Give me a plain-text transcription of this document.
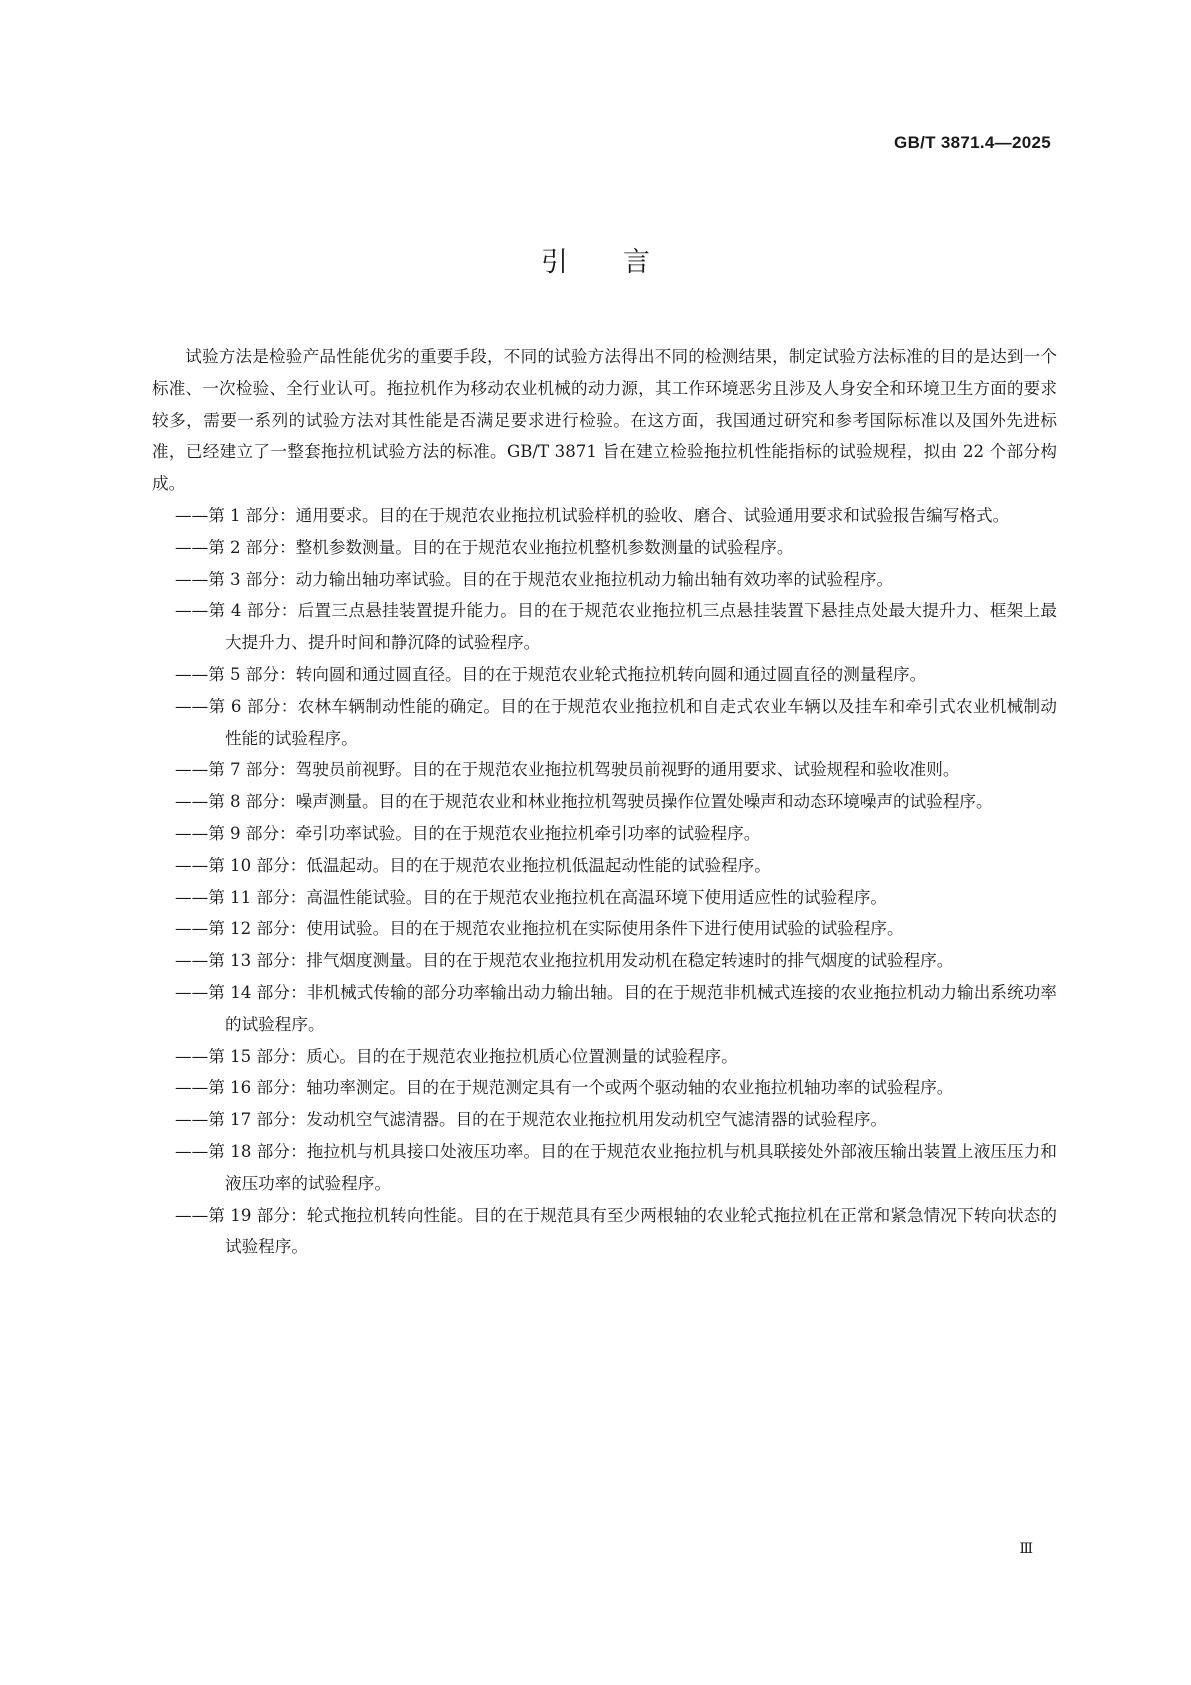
GB/T 3871.4—2025
引言

试验方法是检验产品性能优劣的重要手段，不同的试验方法得出不同的检测结果，制定试验方法标准的目的是达到一个标准、一次检验、全行业认可。拖拉机作为移动农业机械的动力源，其工作环境恶劣且涉及人身安全和环境卫生方面的要求较多，需要一系列的试验方法对其性能是否满足要求进行检验。在这方面，我国通过研究和参考国际标准以及国外先进标准，已经建立了一整套拖拉机试验方法的标准。GB/T 3871 旨在建立检验拖拉机性能指标的试验规程，拟由 22 个部分构成。

——第 1 部分：通用要求。目的在于规范农业拖拉机试验样机的验收、磨合、试验通用要求和试验报告编写格式。

——第 2 部分：整机参数测量。目的在于规范农业拖拉机整机参数测量的试验程序。

——第 3 部分：动力输出轴功率试验。目的在于规范农业拖拉机动力输出轴有效功率的试验程序。

——第 4 部分：后置三点悬挂装置提升能力。目的在于规范农业拖拉机三点悬挂装置下悬挂点处最大提升力、框架上最大提升力、提升时间和静沉降的试验程序。

——第 5 部分：转向圆和通过圆直径。目的在于规范农业轮式拖拉机转向圆和通过圆直径的测量程序。

——第 6 部分：农林车辆制动性能的确定。目的在于规范农业拖拉机和自走式农业车辆以及挂车和牵引式农业机械制动性能的试验程序。

——第 7 部分：驾驶员前视野。目的在于规范农业拖拉机驾驶员前视野的通用要求、试验规程和验收准则。

——第 8 部分：噪声测量。目的在于规范农业和林业拖拉机驾驶员操作位置处噪声和动态环境噪声的试验程序。

——第 9 部分：牵引功率试验。目的在于规范农业拖拉机牵引功率的试验程序。

——第 10 部分：低温起动。目的在于规范农业拖拉机低温起动性能的试验程序。

——第 11 部分：高温性能试验。目的在于规范农业拖拉机在高温环境下使用适应性的试验程序。

——第 12 部分：使用试验。目的在于规范农业拖拉机在实际使用条件下进行使用试验的试验程序。

——第 13 部分：排气烟度测量。目的在于规范农业拖拉机用发动机在稳定转速时的排气烟度的试验程序。

——第 14 部分：非机械式传输的部分功率输出动力输出轴。目的在于规范非机械式连接的农业拖拉机动力输出系统功率的试验程序。

——第 15 部分：质心。目的在于规范农业拖拉机质心位置测量的试验程序。

——第 16 部分：轴功率测定。目的在于规范测定具有一个或两个驱动轴的农业拖拉机轴功率的试验程序。

——第 17 部分：发动机空气滤清器。目的在于规范农业拖拉机用发动机空气滤清器的试验程序。

——第 18 部分：拖拉机与机具接口处液压功率。目的在于规范农业拖拉机与机具联接处外部液压输出装置上液压压力和液压功率的试验程序。

——第 19 部分：轮式拖拉机转向性能。目的在于规范具有至少两根轴的农业轮式拖拉机在正常和紧急情况下转向状态的试验程序。

Ⅲ
